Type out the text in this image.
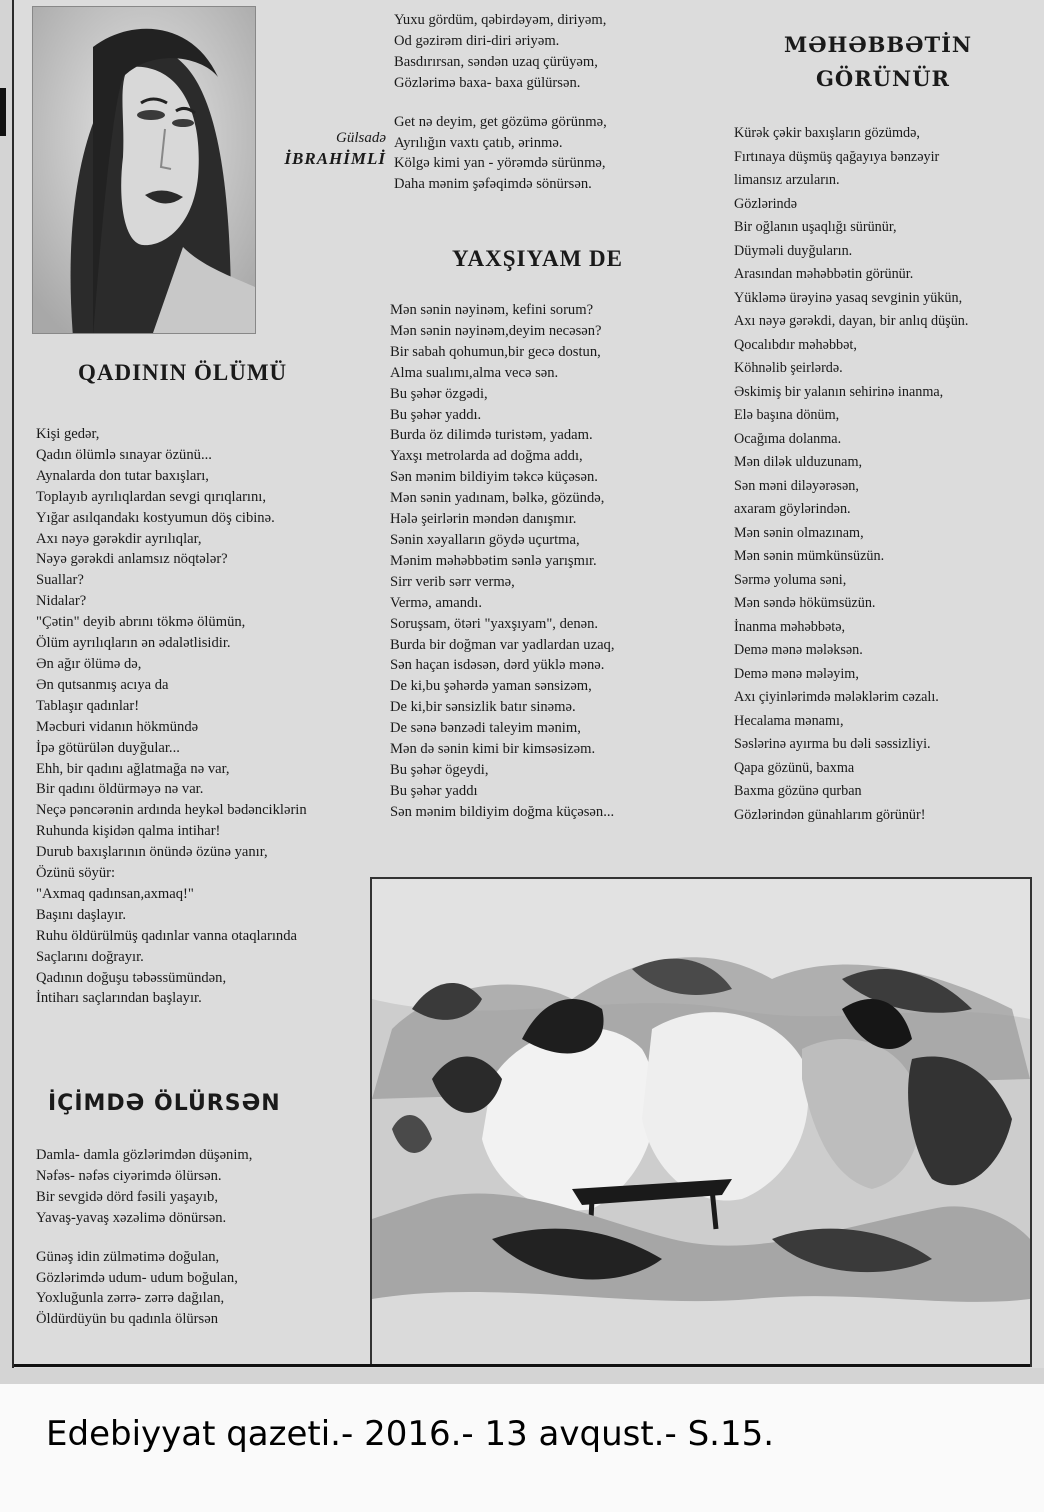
Gülsadə
İBRAHİMLİ
QADININ ÖLÜMÜ
Kişi gedər,
Qadın ölümlə sınayar özünü...
Aynalarda don tutar baxışları,
Toplayıb ayrılıqlardan sevgi qırıqlarını,
Yığar asılqandakı kostyumun döş cibinə.
Axı nəyə gərəkdir ayrılıqlar,
Nəyə gərəkdi anlamsız nöqtələr?
Suallar?
Nidalar?
"Çətin" deyib abrını tökmə ölümün,
Ölüm ayrılıqların ən ədalətlisidir.
Ən ağır ölümə də,
Ən qutsanmış acıya da
Tablaşır qadınlar!
Məcburi vidanın hökmündə
İpə götürülən duyğular...
Ehh, bir qadını ağlatmağa nə var,
Bir qadını öldürməyə nə var.
Neçə pəncərənin ardında heykəl bədənciklərin
Ruhunda kişidən qalma intihar!
Durub baxışlarının önündə özünə yanır,
Özünü söyür:
"Axmaq qadınsan,axmaq!"
Başını daşlayır.
Ruhu öldürülmüş qadınlar vanna otaqlarında
Saçlarını doğrayır.
Qadının doğuşu təbəssümündən,
İntiharı saçlarından başlayır.
İÇİMDƏ ÖLÜRSƏN
Damla- damla gözlərimdən düşənim,
Nəfəs- nəfəs ciyərimdə ölürsən.
Bir sevgidə dörd fəsili yaşayıb,
Yavaş-yavaş xəzəlimə dönürsən.
Günəş idin zülmətimə doğulan,
Gözlərimdə udum- udum boğulan,
Yoxluğunla zərrə- zərrə dağılan,
Öldürdüyün bu qadınla ölürsən
Yuxu gördüm, qəbirdəyəm, diriyəm,
Od gəzirəm diri-diri əriyəm.
Basdırırsan, səndən uzaq çürüyəm,
Gözlərimə baxa- baxa gülürsən.
Get nə deyim, get gözümə görünmə,
Ayrılığın vaxtı çatıb, ərinmə.
Kölgə kimi yan - yörəmdə sürünmə,
Daha mənim şəfəqimdə sönürsən.
YAXŞIYAM DE
Mən sənin nəyinəm, kefini sorum?
Mən sənin nəyinəm,deyim necəsən?
Bir sabah qohumun,bir gecə dostun,
Alma sualımı,alma vecə sən.
Bu şəhər özgədi,
Bu şəhər yaddı.
Burda öz dilimdə turistəm, yadam.
Yaxşı metrolarda ad doğma addı,
Sən mənim bildiyim təkcə küçəsən.
Mən sənin yadınam, bəlkə, gözündə,
Hələ şeirlərin məndən danışmır.
Sənin xəyalların göydə uçurtma,
Mənim məhəbbətim sənlə yarışmır.
Sirr verib sərr vermə,
Vermə, amandı.
Soruşsam, ötəri "yaxşıyam", denən.
Burda bir doğman var yadlardan uzaq,
Sən haçan isdəsən, dərd yüklə mənə.
De ki,bu şəhərdə yaman sənsizəm,
De ki,bir sənsizlik batır sinəmə.
De sənə bənzədi taleyim mənim,
Mən də sənin kimi bir kimsəsizəm.
Bu şəhər ögeydi,
Bu şəhər yaddı
Sən mənim bildiyim doğma küçəsən...
MƏHƏBBƏTİN
GÖRÜNÜR
Kürək çəkir baxışların gözümdə,
Fırtınaya düşmüş qağayıya bənzəyir
limansız arzuların.
Gözlərində
Bir oğlanın uşaqlığı sürünür,
Düyməli duyğuların.
Arasından məhəbbətin görünür.
Yükləmə ürəyinə yasaq sevginin yükün,
Axı nəyə gərəkdi, dayan, bir anlıq düşün.
Qocalıbdır məhəbbət,
Köhnəlib şeirlərdə.
Əskimiş bir yalanın sehirinə inanma,
Elə başına dönüm,
Ocağıma dolanma.
Mən dilək ulduzunam,
Sən məni diləyərəsən,
axaram göylərindən.
Mən sənin olmazınam,
Mən sənin mümkünsüzün.
Sərmə yoluma səni,
Mən səndə hökümsüzün.
İnanma məhəbbətə,
Demə mənə mələksən.
Demə mənə mələyim,
Axı çiyinlərimdə mələklərim cəzalı.
Hecalama mənamı,
Səslərinə ayırma bu dəli səssizliyi.
Qapa gözünü, baxma
Baxma gözünə qurban
Gözlərindən günahlarım görünür!
Edebiyyat qazeti.- 2016.- 13 avqust.- S.15.
